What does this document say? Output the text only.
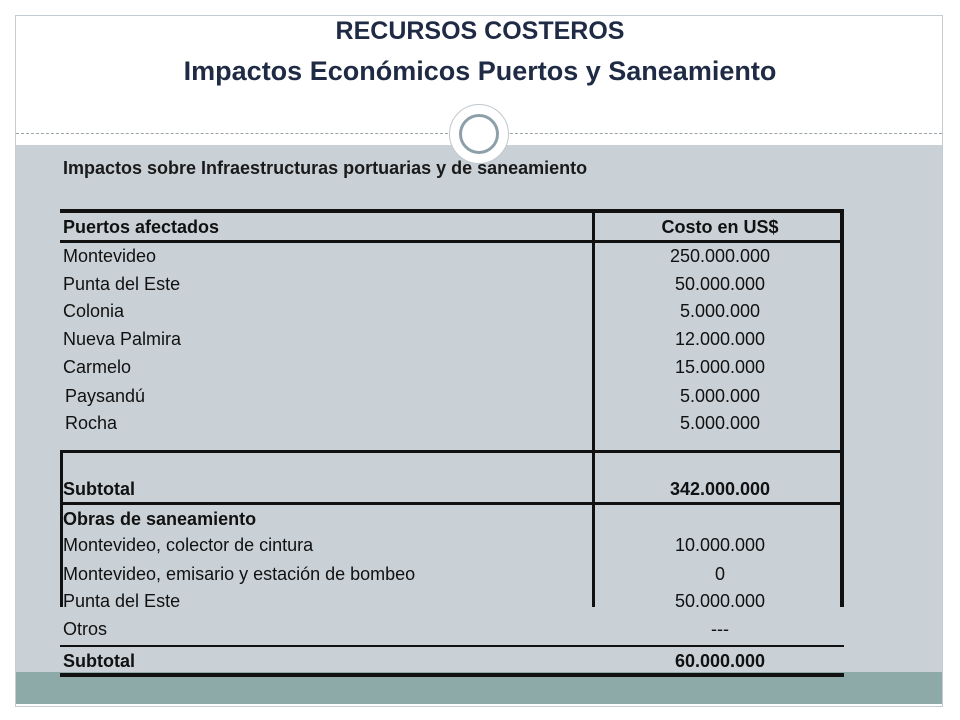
RECURSOS COSTEROS
Impactos Económicos Puertos y Saneamiento

Impactos sobre Infraestructuras portuarias y de saneamiento

Puertos afectados	Costo en US$
Montevideo	250.000.000
Punta del Este	50.000.000
Colonia	5.000.000
Nueva Palmira	12.000.000
Carmelo	15.000.000
Paysandú	5.000.000
Rocha	5.000.000
Subtotal	342.000.000
Obras de saneamiento
Montevideo, colector de cintura	10.000.000
Montevideo, emisario y estación de bombeo	0
Punta del Este	50.000.000
Otros	---
Subtotal	60.000.000
